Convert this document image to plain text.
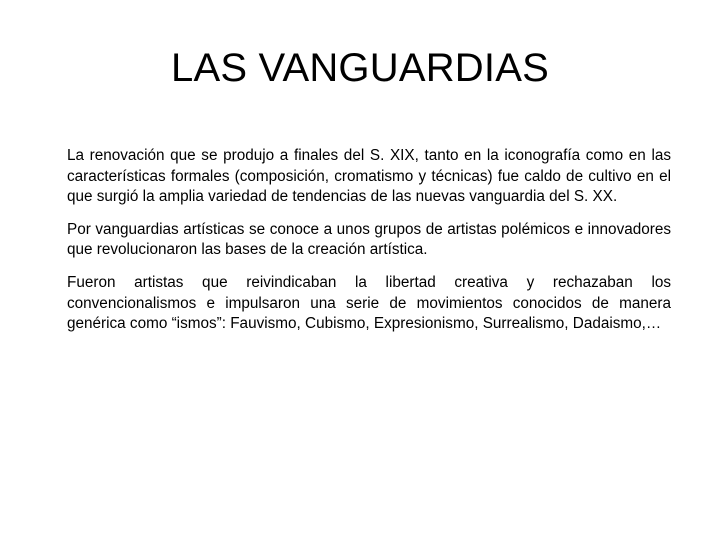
LAS VANGUARDIAS

La renovación que se produjo a finales del S. XIX, tanto en la iconografía como en las características formales (composición, cromatismo y técnicas) fue caldo de cultivo en el que surgió la amplia variedad de tendencias de las nuevas vanguardia del S. XX.

Por vanguardias artísticas se conoce a unos grupos de artistas polémicos e innovadores que revolucionaron las bases de la creación artística.

Fueron artistas que reivindicaban la libertad creativa y rechazaban los convencionalismos e impulsaron una serie de movimientos conocidos de manera genérica como “ismos”: Fauvismo, Cubismo, Expresionismo, Surrealismo, Dadaismo,…
